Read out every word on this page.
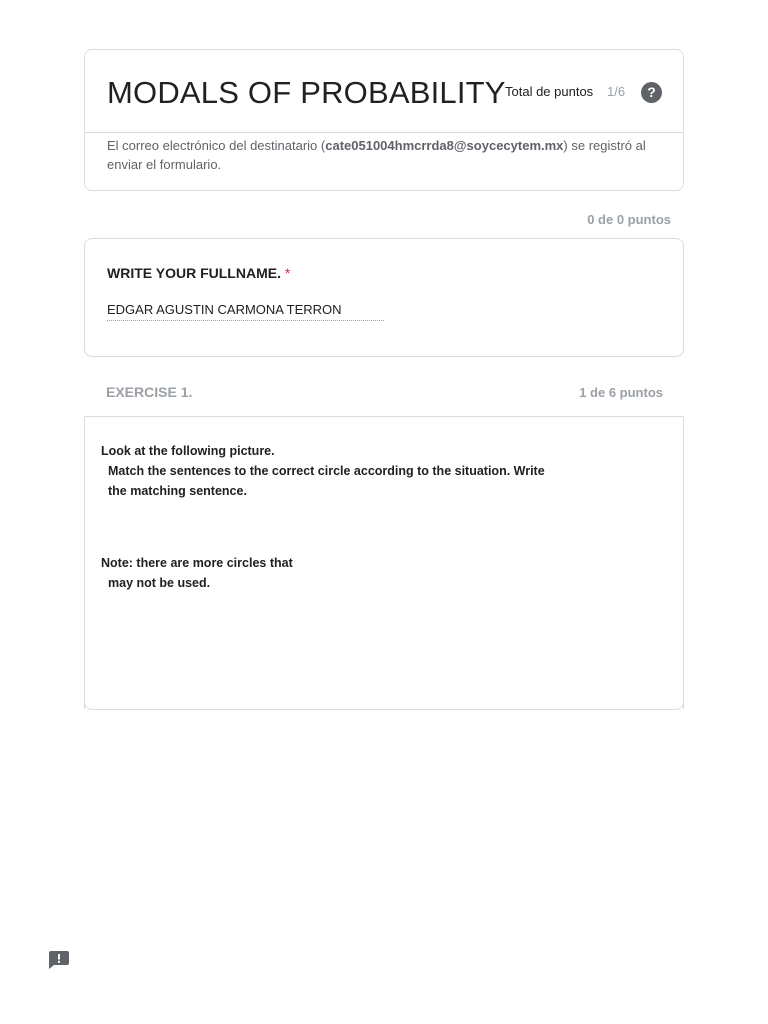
MODALS OF PROBABILITY Total de puntos 1/6	?
El correo electrónico del destinatario (cate051004hmcrrda8@soycecytem.mx) se registró al enviar el formulario.
0 de 0 puntos
WRITE YOUR FULLNAME. *
EDGAR AGUSTIN CARMONA TERRON
EXERCISE 1.	1 de 6 puntos
Look at the following picture.
Match the sentences to the correct circle according to the situation. Write
the matching sentence.
Note: there are more circles that
may not be used.
